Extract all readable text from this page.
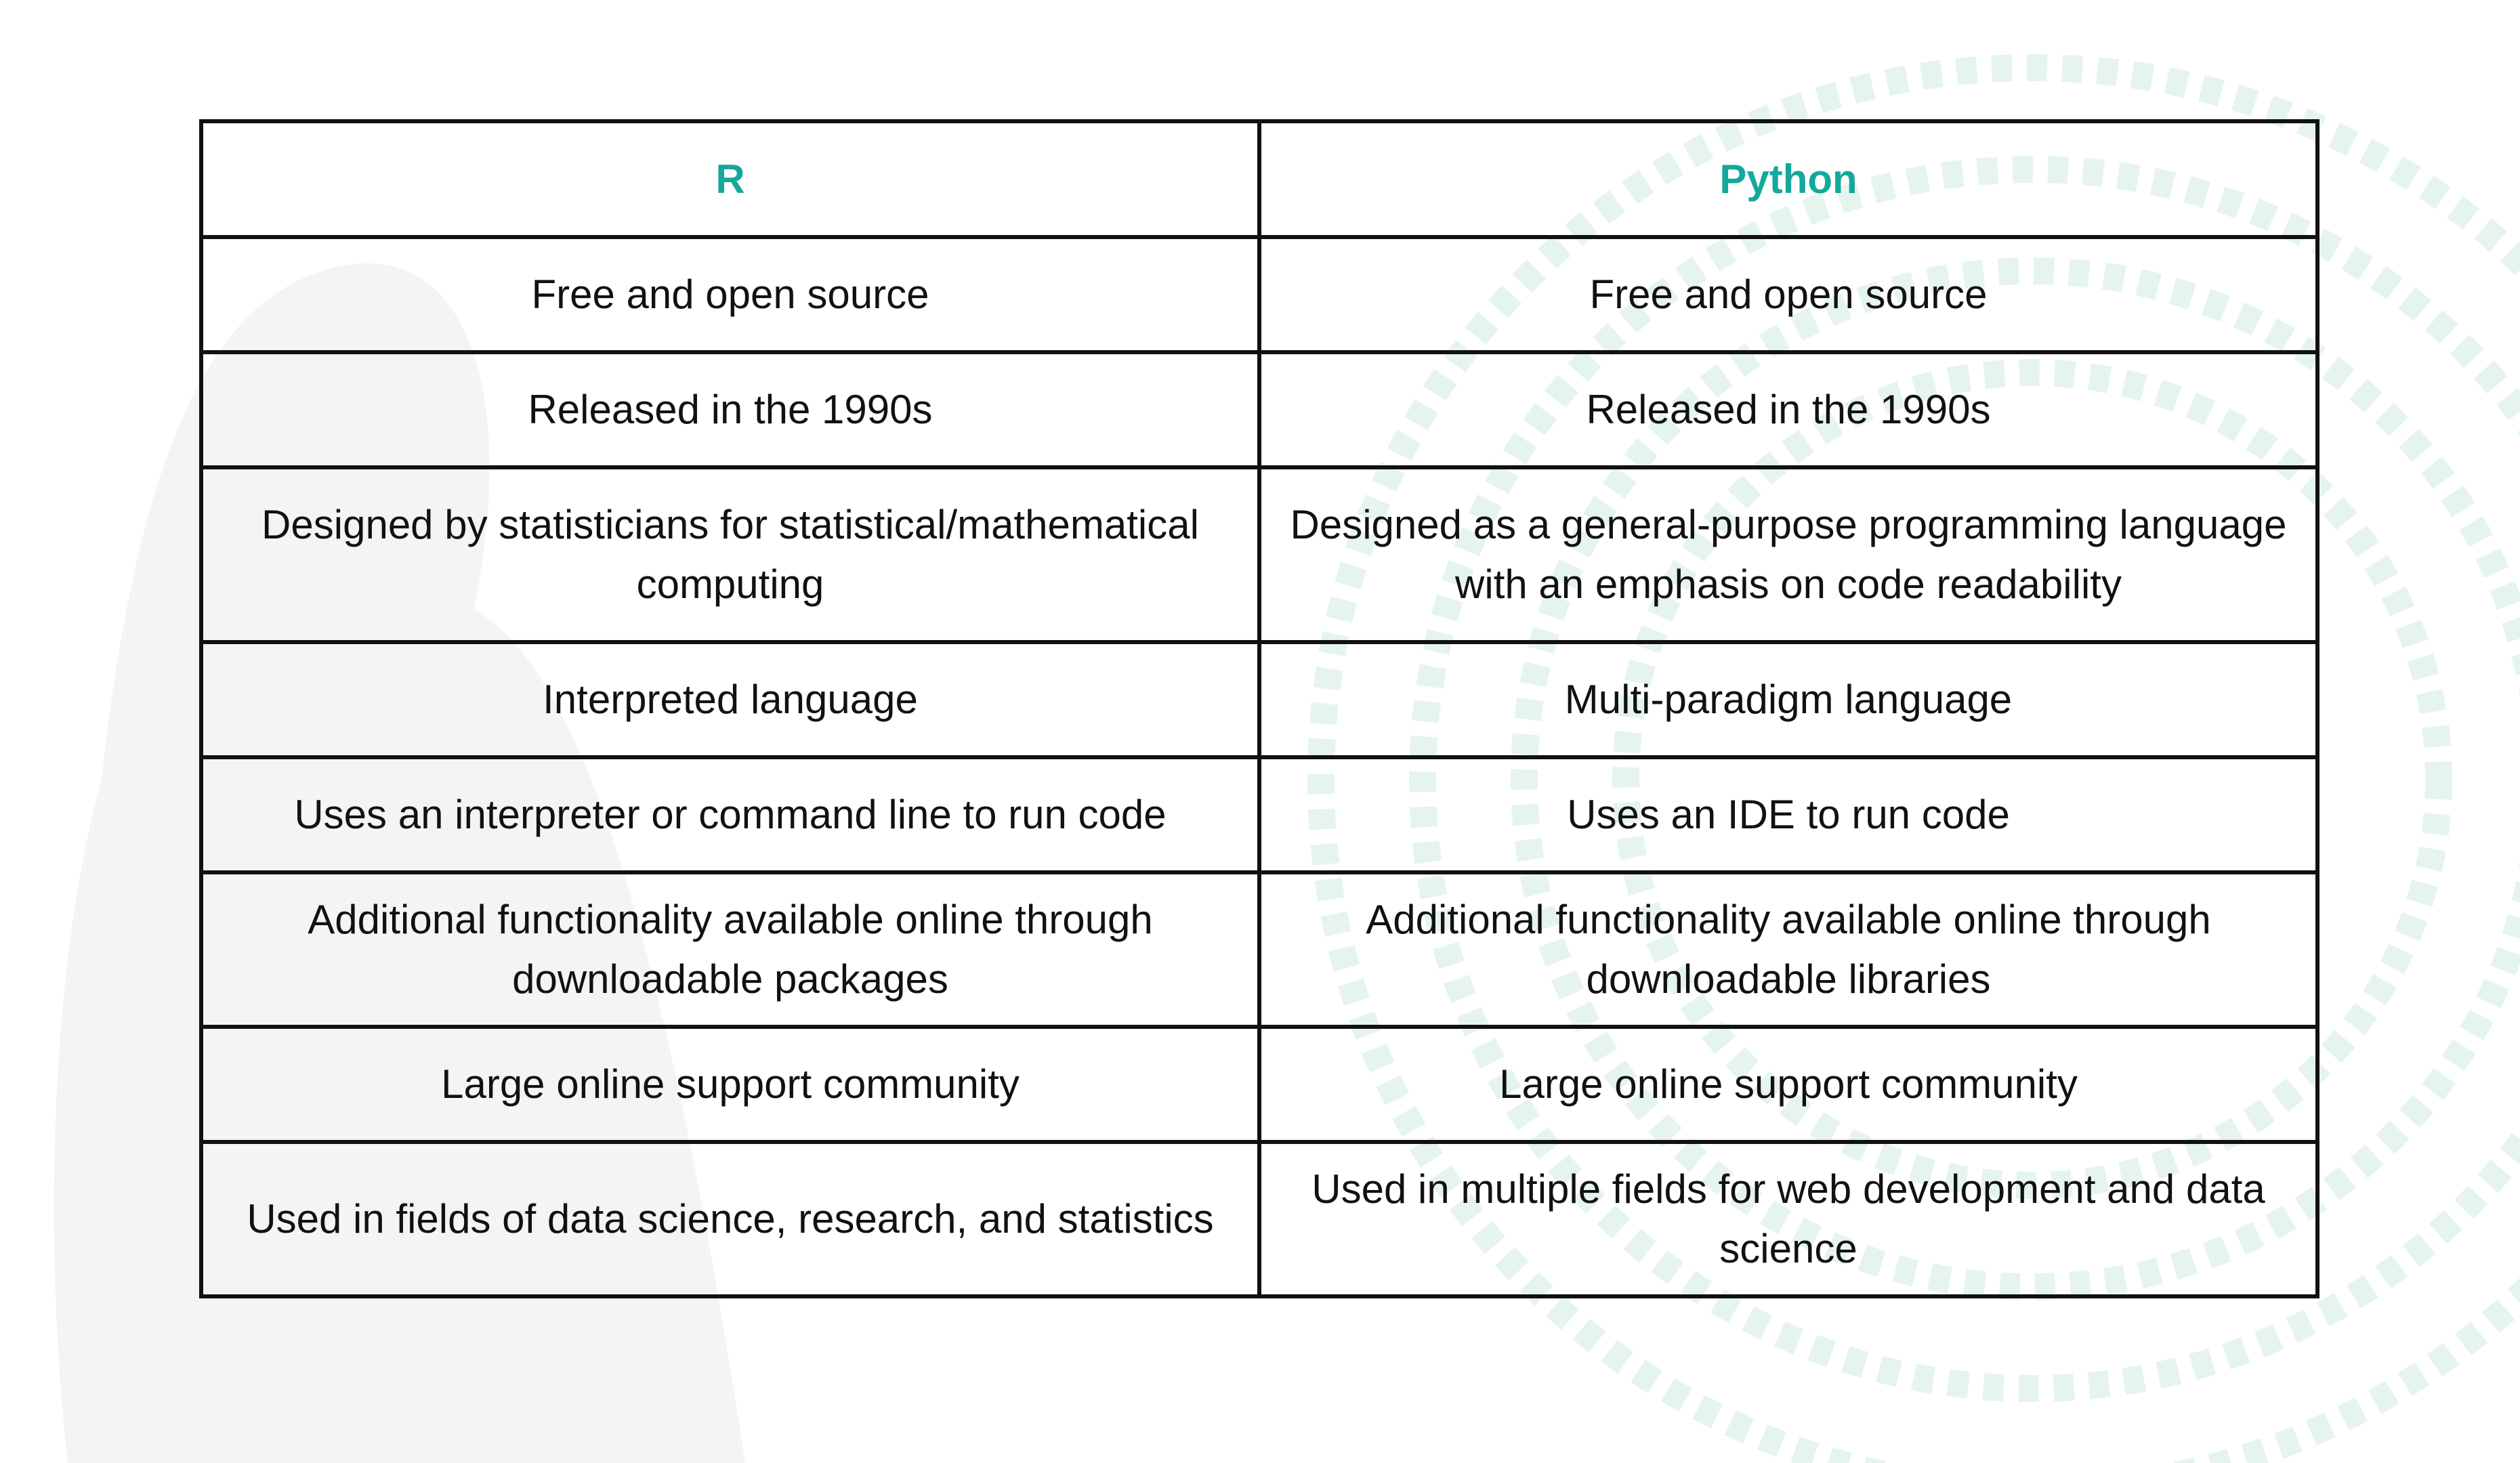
R	Python
Free and open source	Free and open source
Released in the 1990s	Released in the 1990s
Designed by statisticians for statistical/mathematical computing	Designed as a general-purpose programming language with an emphasis on code readability
Interpreted language	Multi-paradigm language
Uses an interpreter or command line to run code	Uses an IDE to run code
Additional functionality available online through downloadable packages	Additional functionality available online through downloadable libraries
Large online support community	Large online support community
Used in fields of data science, research, and statistics	Used in multiple fields for web development and data science
